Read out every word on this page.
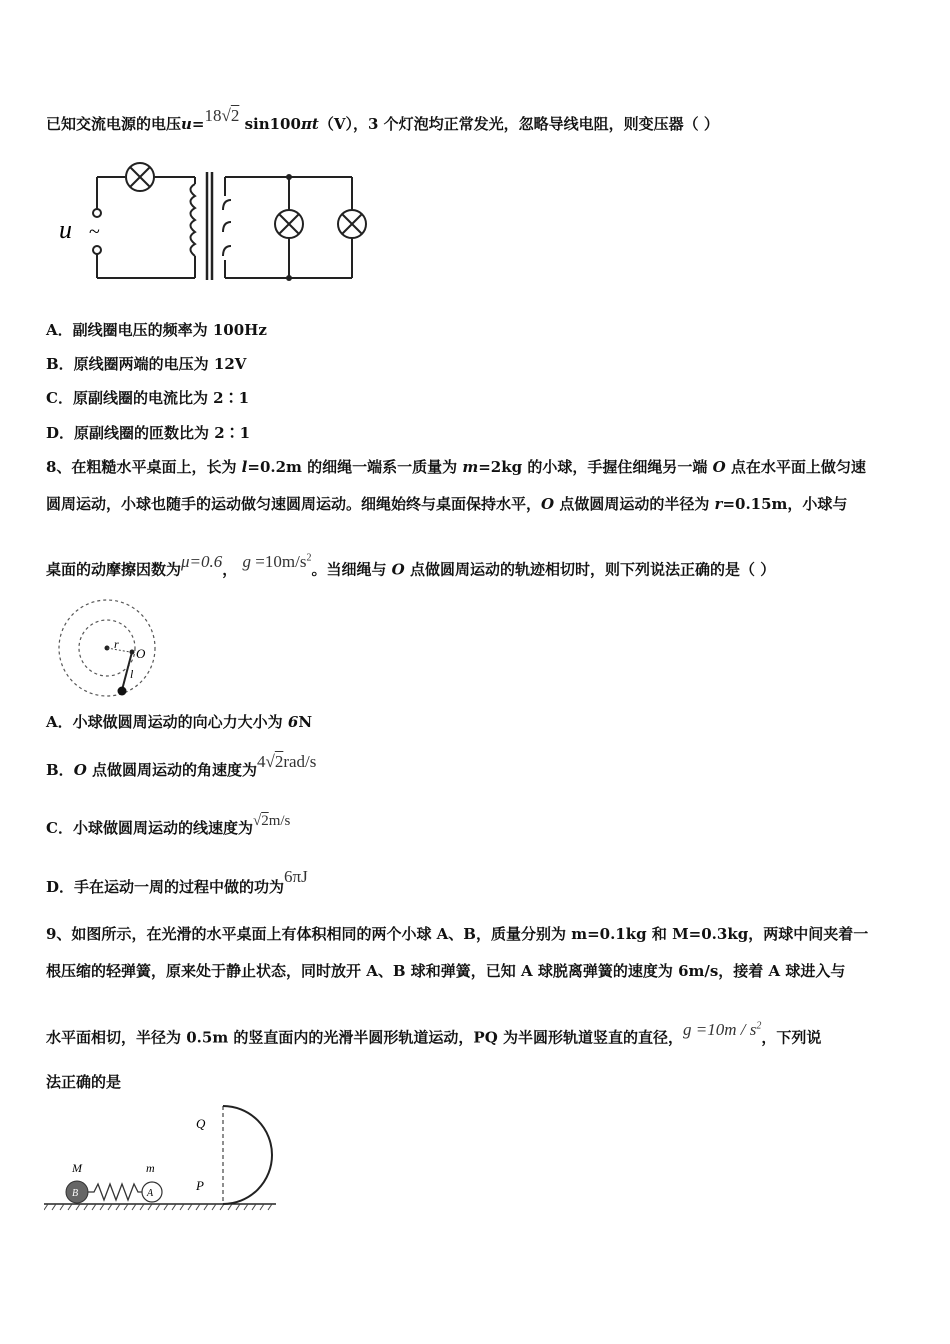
已知交流电源的电压u=18√2 sin100πt（V），3 个灯泡均正常发光，忽略导线电阻，则变压器（ ）
u ~
A．副线圈电压的频率为 100Hz
B．原线圈两端的电压为 12V
C．原副线圈的电流比为 2∶1
D．原副线圈的匝数比为 2∶1
8、在粗糙水平桌面上，长为 l=0.2m 的细绳一端系一质量为 m=2kg 的小球，手握住细绳另一端 O 点在水平面上做匀速
圆周运动，小球也随手的运动做匀速圆周运动。细绳始终与桌面保持水平，O 点做圆周运动的半径为 r=0.15m，小球与
桌面的动摩擦因数为μ=0.6， $g =10m/s^2$。当细绳与 O 点做圆周运动的轨迹相切时，则下列说法正确的是（ ）
r
O
l
A．小球做圆周运动的向心力大小为 6N
B．O 点做圆周运动的角速度为4√2rad/s
C．小球做圆周运动的线速度为√2m/s
D．手在运动一周的过程中做的功为6πJ
9、如图所示，在光滑的水平桌面上有体积相同的两个小球 A、B，质量分别为 m=0.1kg 和 M=0.3kg，两球中间夹着一
根压缩的轻弹簧，原来处于静止状态，同时放开 A、B 球和弹簧，已知 A 球脱离弹簧的速度为 6m/s，接着 A 球进入与
水平面相切，半径为 0.5m 的竖直面内的光滑半圆形轨道运动，PQ 为半圆形轨道竖直的直径，$g =10m / s^2$，下列说
法正确的是
B	A
M	m
Q
P
